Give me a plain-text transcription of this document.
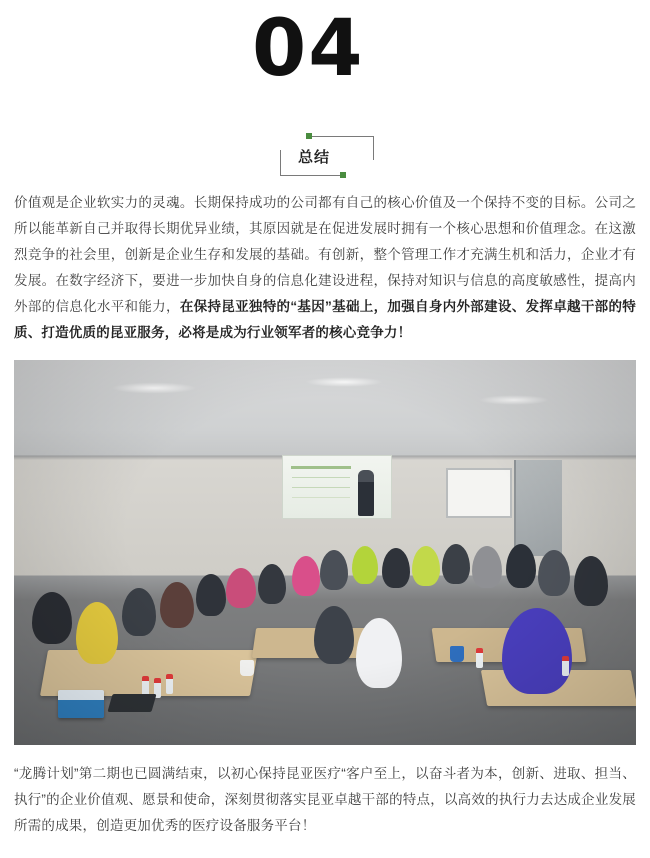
04
总结

价值观是企业软实力的灵魂。长期保持成功的公司都有自己的核心价值及一个保持不变的目标。公司之所以能革新自己并取得长期优异业绩，其原因就是在促进发展时拥有一个核心思想和价值理念。在这激烈竞争的社会里，创新是企业生存和发展的基础。有创新，整个管理工作才充满生机和活力，企业才有发展。在数字经济下，要进一步加快自身的信息化建设进程，保持对知识与信息的高度敏感性，提高内外部的信息化水平和能力，在保持昆亚独特的“基因”基础上，加强自身内外部建设、发挥卓越干部的特质、打造优质的昆亚服务，必将是成为行业领军者的核心竞争力！

“龙腾计划”第二期也已圆满结束，以初心保持昆亚医疗“客户至上，以奋斗者为本，创新、进取、担当、执行”的企业价值观、愿景和使命，深刻贯彻落实昆亚卓越干部的特点，以高效的执行力去达成企业发展所需的成果，创造更加优秀的医疗设备服务平台！
